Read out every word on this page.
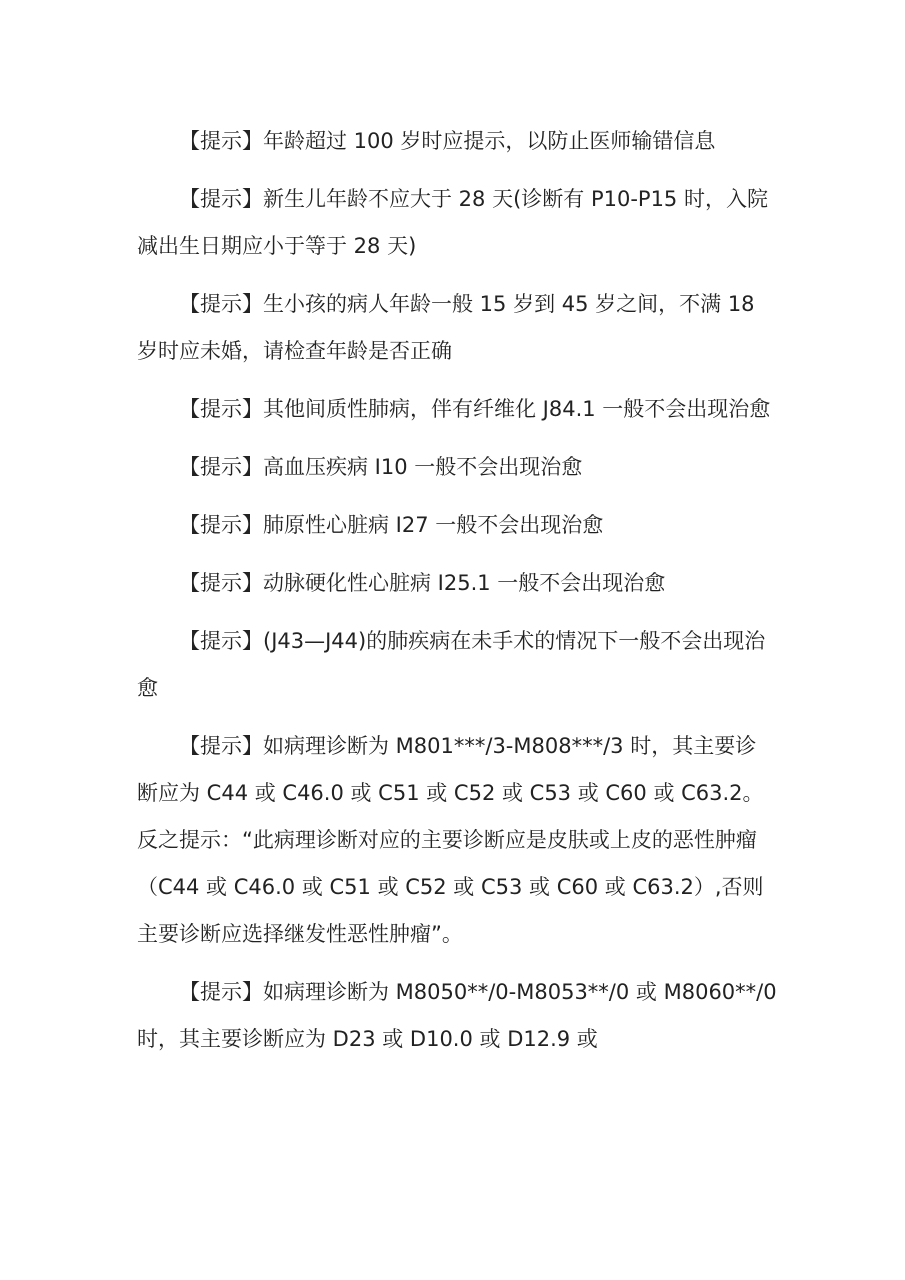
【提示】年龄超过 100 岁时应提示，以防止医师输错信息

【提示】新生儿年龄不应大于 28 天(诊断有 P10-P15 时，入院减出生日期应小于等于 28 天)

【提示】生小孩的病人年龄一般 15 岁到 45 岁之间，不满 18 岁时应未婚，请检查年龄是否正确

【提示】其他间质性肺病，伴有纤维化 J84.1 一般不会出现治愈

【提示】高血压疾病 I10 一般不会出现治愈

【提示】肺原性心脏病 I27 一般不会出现治愈

【提示】动脉硬化性心脏病 I25.1 一般不会出现治愈

【提示】(J43—J44)的肺疾病在未手术的情况下一般不会出现治愈

【提示】如病理诊断为 M801***/3-M808***/3 时，其主要诊断应为 C44 或 C46.0 或 C51 或 C52 或 C53 或 C60 或 C63.2。反之提示：“此病理诊断对应的主要诊断应是皮肤或上皮的恶性肿瘤（C44 或 C46.0 或 C51 或 C52 或 C53 或 C60 或 C63.2）,否则主要诊断应选择继发性恶性肿瘤”。

【提示】如病理诊断为 M8050**/0-M8053**/0 或 M8060**/0 时，其主要诊断应为 D23 或 D10.0 或 D12.9 或
